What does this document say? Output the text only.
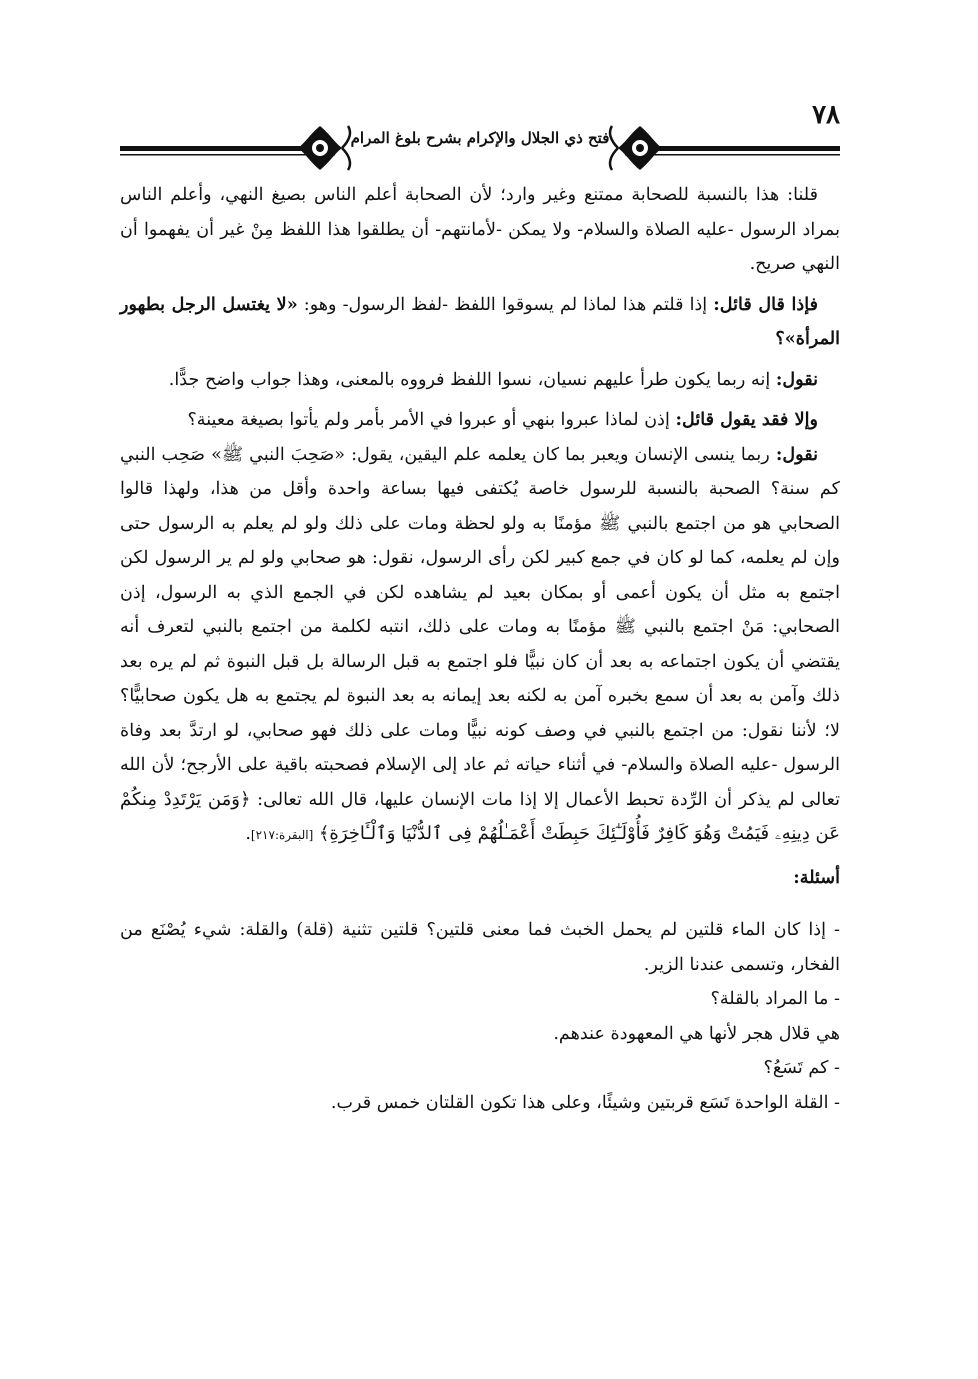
٧٨
فتح ذي الجلال والإكرام بشرح بلوغ المرام

قلنا: هذا بالنسبة للصحابة ممتنع وغير وارد؛ لأن الصحابة أعلم الناس بصيغ النهي، وأعلم الناس بمراد الرسول -عليه الصلاة والسلام- ولا يمكن -لأمانتهم- أن يطلقوا هذا اللفظ مِنْ غير أن يفهموا أن النهي صريح.

فإذا قال قائل: إذا قلتم هذا لماذا لم يسوقوا اللفظ -لفظ الرسول- وهو: «لا يغتسل الرجل بطهور المرأة»؟

نقول: إنه ربما يكون طرأ عليهم نسيان، نسوا اللفظ فرووه بالمعنى، وهذا جواب واضح جدًّا.

وإلا فقد يقول قائل: إذن لماذا عبروا بنهي أو عبروا في الأمر بأمر ولم يأتوا بصيغة معينة؟

نقول: ربما ينسى الإنسان ويعبر بما كان يعلمه علم اليقين، يقول: «صَحِبَ النبي ﷺ» صَحِب النبي كم سنة؟ الصحبة بالنسبة للرسول خاصة يُكتفى فيها بساعة واحدة وأقل من هذا، ولهذا قالوا الصحابي هو من اجتمع بالنبي ﷺ مؤمنًا به ولو لحظة ومات على ذلك ولو لم يعلم به الرسول حتى وإن لم يعلمه، كما لو كان في جمع كبير لكن رأى الرسول، نقول: هو صحابي ولو لم ير الرسول لكن اجتمع به مثل أن يكون أعمى أو بمكان بعيد لم يشاهده لكن في الجمع الذي به الرسول، إذن الصحابي: مَنْ اجتمع بالنبي ﷺ مؤمنًا به ومات على ذلك، انتبه لكلمة من اجتمع بالنبي لتعرف أنه يقتضي أن يكون اجتماعه به بعد أن كان نبيًّا فلو اجتمع به قبل الرسالة بل قبل النبوة ثم لم يره بعد ذلك وآمن به بعد أن سمع بخبره آمن به لكنه بعد إيمانه به بعد النبوة لم يجتمع به هل يكون صحابيًّا؟ لا؛ لأننا نقول: من اجتمع بالنبي في وصف كونه نبيًّا ومات على ذلك فهو صحابي، لو ارتدَّ بعد وفاة الرسول -عليه الصلاة والسلام- في أثناء حياته ثم عاد إلى الإسلام فصحبته باقية على الأرجح؛ لأن الله تعالى لم يذكر أن الرِّدة تحبط الأعمال إلا إذا مات الإنسان عليها، قال الله تعالى: ﴿وَمَن يَرْتَدِدْ مِنكُمْ عَن دِينِهِۦ فَيَمُتْ وَهُوَ كَافِرٌ فَأُوْلَـٰٓئِكَ حَبِطَتْ أَعْمَـٰلُهُمْ فِى ٱلدُّنْيَا وَٱلْـَٔاخِرَةِ﴾ [البقرة:٢١٧].

أسئلة:

- إذا كان الماء قلتين لم يحمل الخبث فما معنى قلتين؟ قلتين تثنية (قلة) والقلة: شيء يُصْنَع من الفخار، وتسمى عندنا الزير.

- ما المراد بالقلة؟

هي قلال هجر لأنها هي المعهودة عندهم.

- كم تَسَعُ؟

- القلة الواحدة تَسَع قربتين وشيئًا، وعلى هذا تكون القلتان خمس قرب.
